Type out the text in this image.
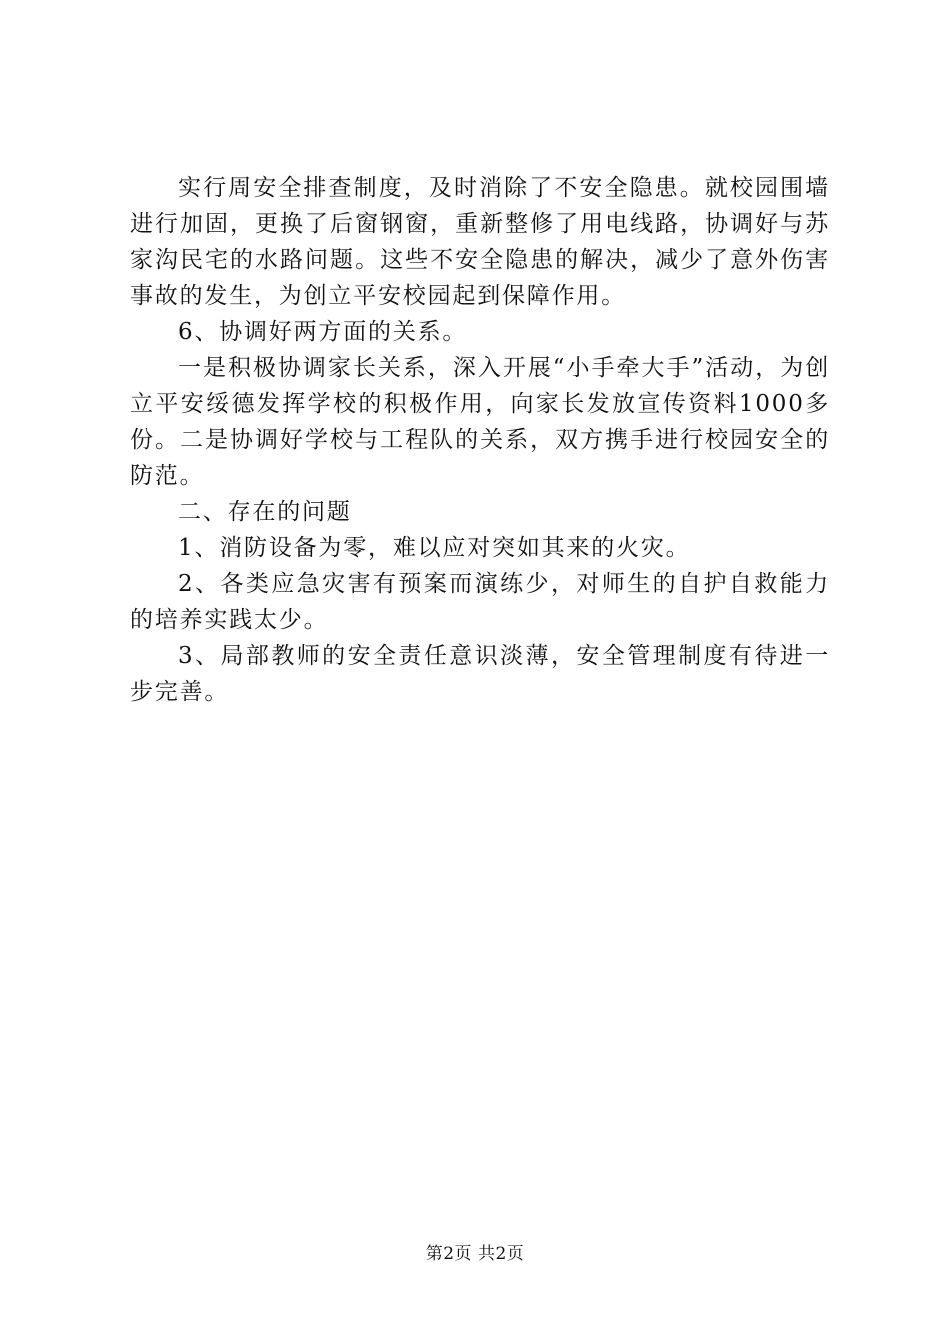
实行周安全排查制度，及时消除了不安全隐患。就校园围墙进行加固，更换了后窗钢窗，重新整修了用电线路，协调好与苏家沟民宅的水路问题。这些不安全隐患的解决，减少了意外伤害事故的发生，为创立平安校园起到保障作用。

6、协调好两方面的关系。

一是积极协调家长关系，深入开展“小手牵大手”活动，为创立平安绥德发挥学校的积极作用，向家长发放宣传资料1000多份。二是协调好学校与工程队的关系，双方携手进行校园安全的防范。

二、存在的问题

1、消防设备为零，难以应对突如其来的火灾。

2、各类应急灾害有预案而演练少，对师生的自护自救能力的培养实践太少。

3、局部教师的安全责任意识淡薄，安全管理制度有待进一步完善。

第2页 共2页
